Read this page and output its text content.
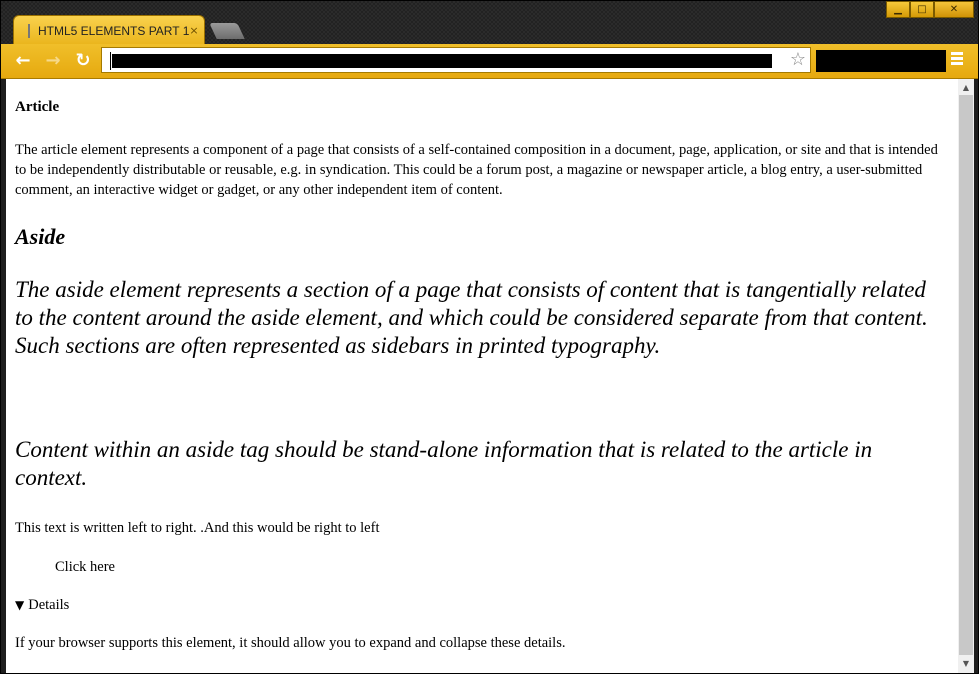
▁	□	✕
HTML5 ELEMENTS PART 1 ×
← → ↻	☆
Article

The article element represents a component of a page that consists of a self-contained composition in a document, page, application, or site and that is intended to be independently distributable or reusable, e.g. in syndication. This could be a forum post, a magazine or newspaper article, a blog entry, a user-submitted comment, an interactive widget or gadget, or any other independent item of content.

Aside

The aside element represents a section of a page that consists of content that is tangentially related to the content around the aside element, and which could be considered separate from that content. Such sections are often represented as sidebars in printed typography.

Content within an aside tag should be stand-alone information that is related to the article in context.

This text is written left to right. .And this would be right to left
Click here
▼ Details

If your browser supports this element, it should allow you to expand and collapse these details.

▲
▼
